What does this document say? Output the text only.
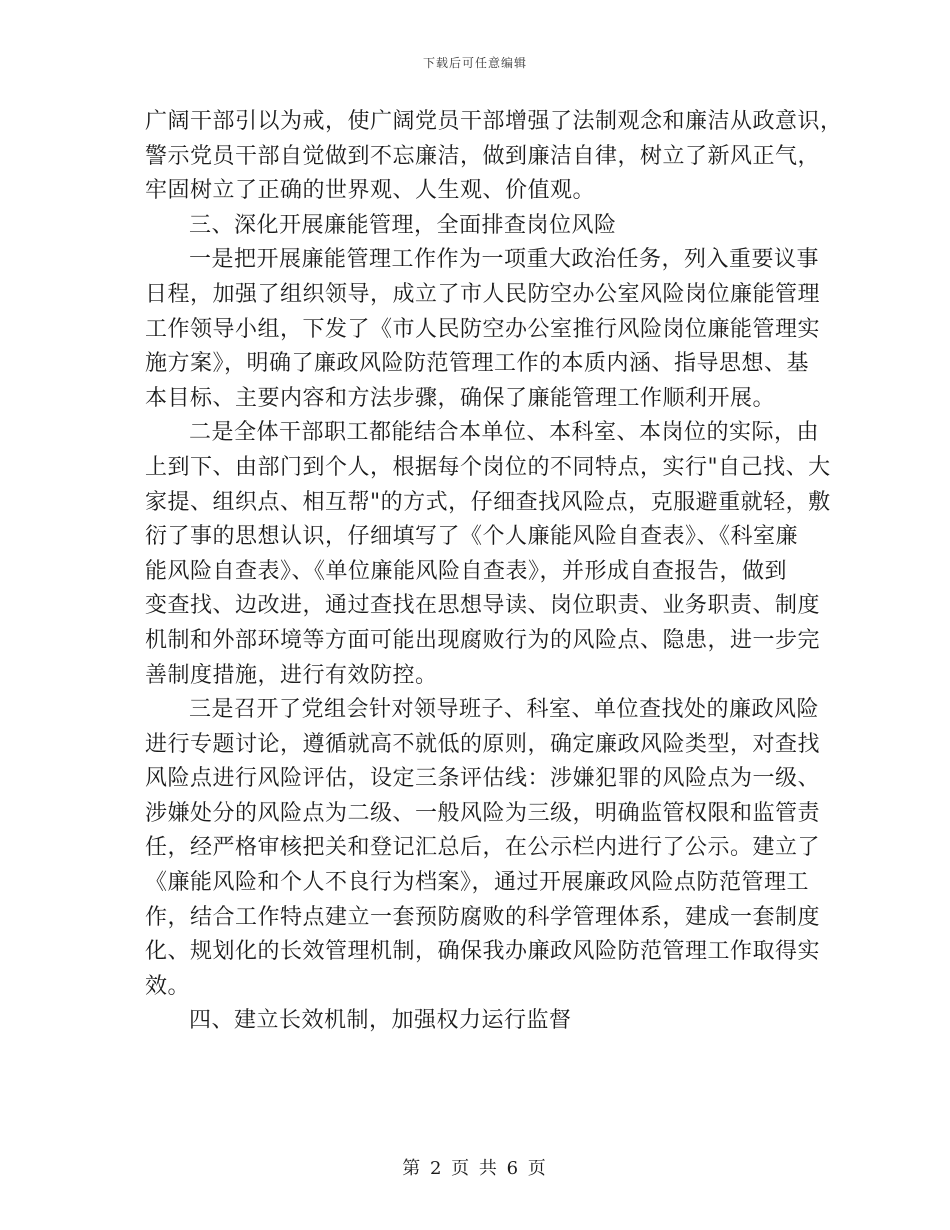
下载后可任意编辑
广阔干部引以为戒，使广阔党员干部增强了法制观念和廉洁从政意识，
警示党员干部自觉做到不忘廉洁，做到廉洁自律，树立了新风正气，
牢固树立了正确的世界观、人生观、价值观。
三、深化开展廉能管理，全面排查岗位风险
一是把开展廉能管理工作作为一项重大政治任务，列入重要议事
日程，加强了组织领导，成立了市人民防空办公室风险岗位廉能管理
工作领导小组，下发了《市人民防空办公室推行风险岗位廉能管理实
施方案》，明确了廉政风险防范管理工作的本质内涵、指导思想、基
本目标、主要内容和方法步骤，确保了廉能管理工作顺利开展。
二是全体干部职工都能结合本单位、本科室、本岗位的实际，由
上到下、由部门到个人，根据每个岗位的不同特点，实行"自己找、大
家提、组织点、相互帮"的方式，仔细查找风险点，克服避重就轻，敷
衍了事的思想认识，仔细填写了《个人廉能风险自查表》、《科室廉
能风险自查表》、《单位廉能风险自查表》，并形成自查报告，做到
变查找、边改进，通过查找在思想导读、岗位职责、业务职责、制度
机制和外部环境等方面可能出现腐败行为的风险点、隐患，进一步完
善制度措施，进行有效防控。
三是召开了党组会针对领导班子、科室、单位查找处的廉政风险
进行专题讨论，遵循就高不就低的原则，确定廉政风险类型，对查找
风险点进行风险评估，设定三条评估线：涉嫌犯罪的风险点为一级、
涉嫌处分的风险点为二级、一般风险为三级，明确监管权限和监管责
任，经严格审核把关和登记汇总后，在公示栏内进行了公示。建立了
《廉能风险和个人不良行为档案》，通过开展廉政风险点防范管理工
作，结合工作特点建立一套预防腐败的科学管理体系，建成一套制度
化、规划化的长效管理机制，确保我办廉政风险防范管理工作取得实
效。
四、建立长效机制，加强权力运行监督
第 2 页 共 6 页
